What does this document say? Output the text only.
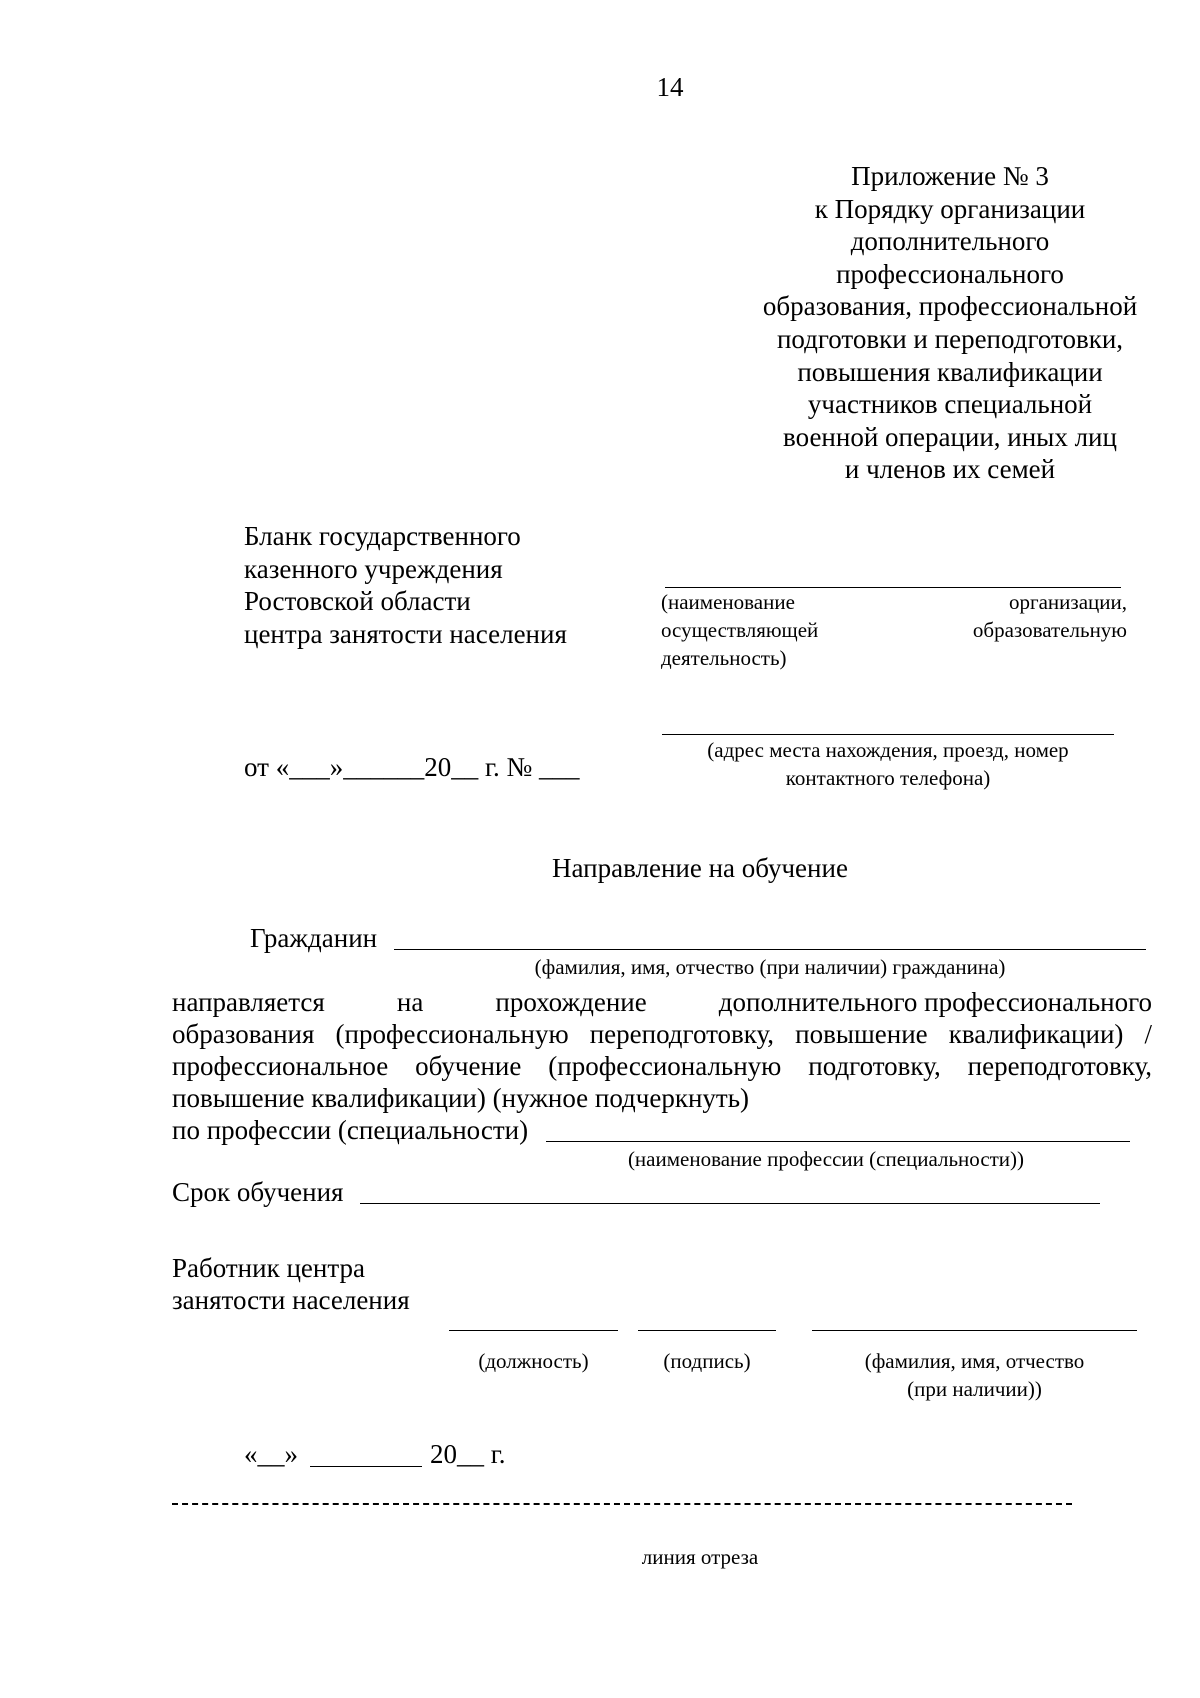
14
Приложение № 3
к Порядку организации
дополнительного
профессионального
образования, профессиональной
подготовки и переподготовки,
повышения квалификации
участников специальной
военной операции, иных лиц
и членов их семей
Бланк государственного
казенного учреждения
Ростовской области
центра занятости населения
(наименование	организации,
осуществляющей	образовательную
деятельность)
(адрес места нахождения, проезд, номер
контактного телефона)
от «___»______20__ г. № ___
Направление на обучение
Гражданин
(фамилия, имя, отчество (при наличии) гражданина)
направляется	на	прохождение	дополнительного профессионального
образования (профессиональную переподготовку, повышение квалификации) /
профессиональное обучение (профессиональную подготовку, переподготовку,
повышение квалификации) (нужное подчеркнуть)
по профессии (специальности)
(наименование профессии (специальности))
Срок обучения
Работник центра
занятости населения
(должность)	(подпись)	(фамилия, имя, отчество
(при наличии))
«__»	20__ г.
линия отреза
